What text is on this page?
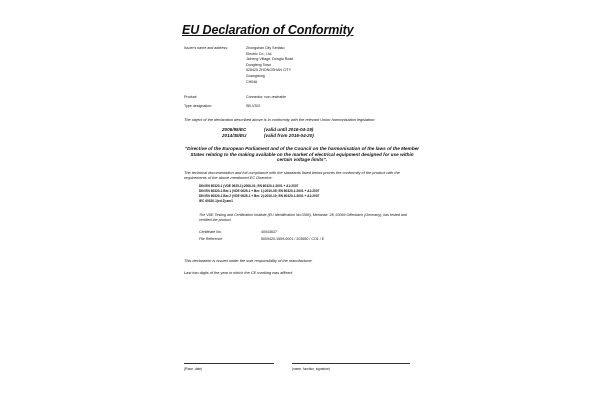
EU Declaration of Conformity
Issuer's name and address:	Zhongshan City Senbao
Electric Co., Ltd.
Jicheng Village, Dongfu Road
Dongfeng Town
528425 ZHONGSHAN CITY
Guangdong
CHINA
Product:	Connector, non-rewirable
Type designation:	SB-V302
The object of the declaration described above is in conformity with the relevant Union harmonisation legislation:
2006/95/EC	(valid until 2016-04-19)
2014/35/EU	(valid from 2016-04-20)
"Directive of the European Parliament and of the Council on the harmonisation of the laws of the Member States relating to the making available on the market of electrical equipment designed for use within certain voltage limits".
The technical documentation and full compliance with the standards listed below proves the conformity of the product with the requirements of the above-mentioned EC Directive:
DIN EN 60320-1 (VDE 0625-1):2006-01; EN 60320-1:2001 + A1:2007
DIN EN 60320-1 Ber.1 (VDE 0625-1 + Ber. 1):2010-05; EN 60320-1:2001 + A1:2007
DIN EN 60320-1 Ber.2 (VDE 0625-1 + Ber. 2):2010-10; EN 60320-1:2001 + A1:2007
IEC 60320-1(ed.2);am1
The VDE Testing and Certification Institute (EU Identification No.0366), Merianstr. 28, 63069 Offenbach (Germany), has tested and certified the product.
Certificate No.	40043637
File Reference	5009420-1559-0001 / 203550 / CO1 / E
This declaration is issued under the sole responsibility of the manufacturer.
Last two digits of the year in which the CE marking was affixed:
(Place, date)	(name, function, signature)
